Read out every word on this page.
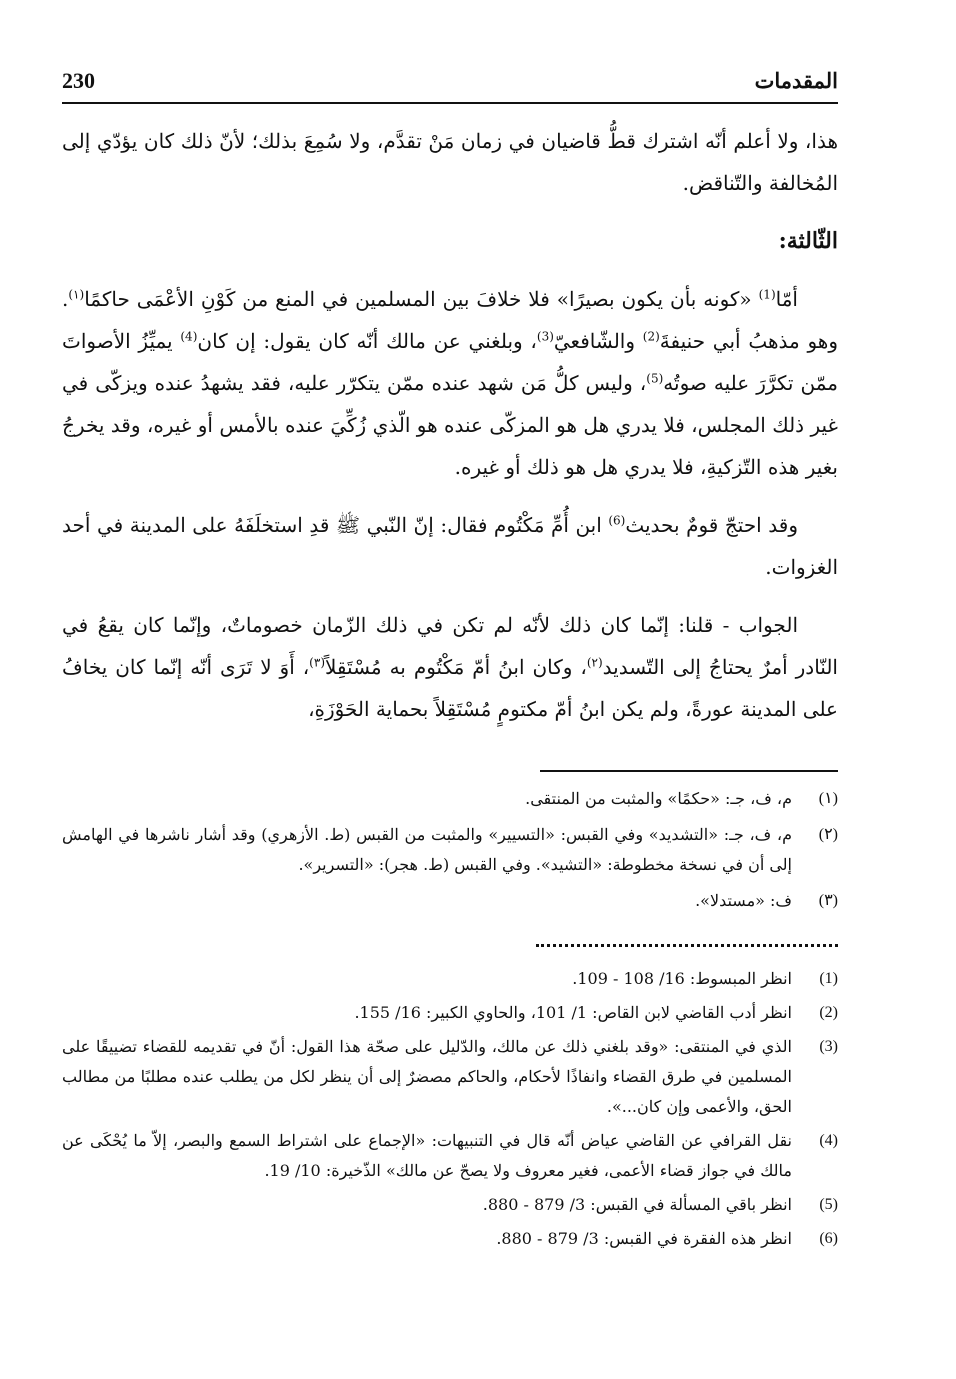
230	المقدمات

هذا، ولا أعلم أنّه اشترك قطُّ قاضيان في زمان مَنْ تقدَّم، ولا سُمِعَ بذلك؛ لأنّ ذلك كان يؤدّي إلى المُخالفة والتّناقض.

الثّالثة:

أمّا$^{(1)}$ «كونه بأن يكون بصيرًا» فلا خلافَ بين المسلمين في المنع من كَوْنِ الأعْمَى حاكمًا$^{(١)}$. وهو مذهبُ أبي حنيفةَ$^{(2)}$ والشّافعيّ$^{(3)}$، وبلغني عن مالك أنّه كان يقول: إن كان$^{(4)}$ يميِّزُ الأصواتَ ممّن تكرَّرَ عليه صوتُه$^{(5)}$، وليس كلُّ مَن شهد عنده ممّن يتكرّر عليه، فقد يشهدُ عنده ويزكّى في غير ذلك المجلس، فلا يدري هل هو المزكّى عنده هو الّذي زُكِّيَ عنده بالأمس أو غيره، وقد يخرجُ بغير هذه التّزكيةِ، فلا يدري هل هو ذلك أو غيره.

وقد احتجّ قومٌ بحديث$^{(6)}$ ابن أُمِّ مَكْتُوم فقال: إنّ النّبي ﷺ قدِ استخلَفَهُ على المدينة في أحد الغزوات.

الجواب - قلنا: إنّما كان ذلك لأنّه لم تكن في ذلك الزّمان خصوماتٌ، وإنّما كان يقعُ في النّادر أمرٌ يحتاجُ إلى التّسديد$^{(٢)}$، وكان ابنُ أمّ مَكْتُوم به مُسْتَقِلاً$^{(٣)}$، أَوَ لا تَرَى أنّه إنّما كان يخافُ على المدينة عورةً، ولم يكن ابنُ أمّ مكتومٍ مُسْتَقِلاً بحماية الحَوْزَةِ،

(١)
م، ف، جـ: «حكمًا» والمثبت من المنتقى.
(٢)
م، ف، جـ: «التشديد» وفي القبس: «التسيير» والمثبت من القبس (ط. الأزهري) وقد أشار ناشرها في الهامش إلى أن في نسخة مخطوطة: «التشيد». وفي القبس (ط. هجر): «التسرير».
(٣)
ف: «مستدلا».
(1)
انظر المبسوط: 16/ 108 - 109.
(2)
انظر أدب القاضي لابن القاص: 1/ 101، والحاوي الكبير: 16/ 155.
(3)
الذي في المنتقى: «وقد بلغني ذلك عن مالك، والدّليل على صحّة هذا القول: أنّ في تقديمه للقضاء تضييقًا على المسلمين في طرق القضاء وانفاذًا لأحكام، والحاكم مصضرٌ إلى أن ينظر لكل من يطلب عنده مطلبًا من مطالب الحق، والأعمى وإن كان...».
(4)
نقل القرافي عن القاضي عياض أنّه قال في التنبيهات: «الإجماع على اشتراط السمع والبصر، إلاّ ما يُحْكَى عن مالك في جواز قضاء الأعمى، فغير معروف ولا يصحّ عن مالك» الذّخيرة: 10/ 19.
(5)
انظر باقي المسألة في القبس: 3/ 879 - 880.
(6)
انظر هذه الفقرة في القبس: 3/ 879 - 880.
